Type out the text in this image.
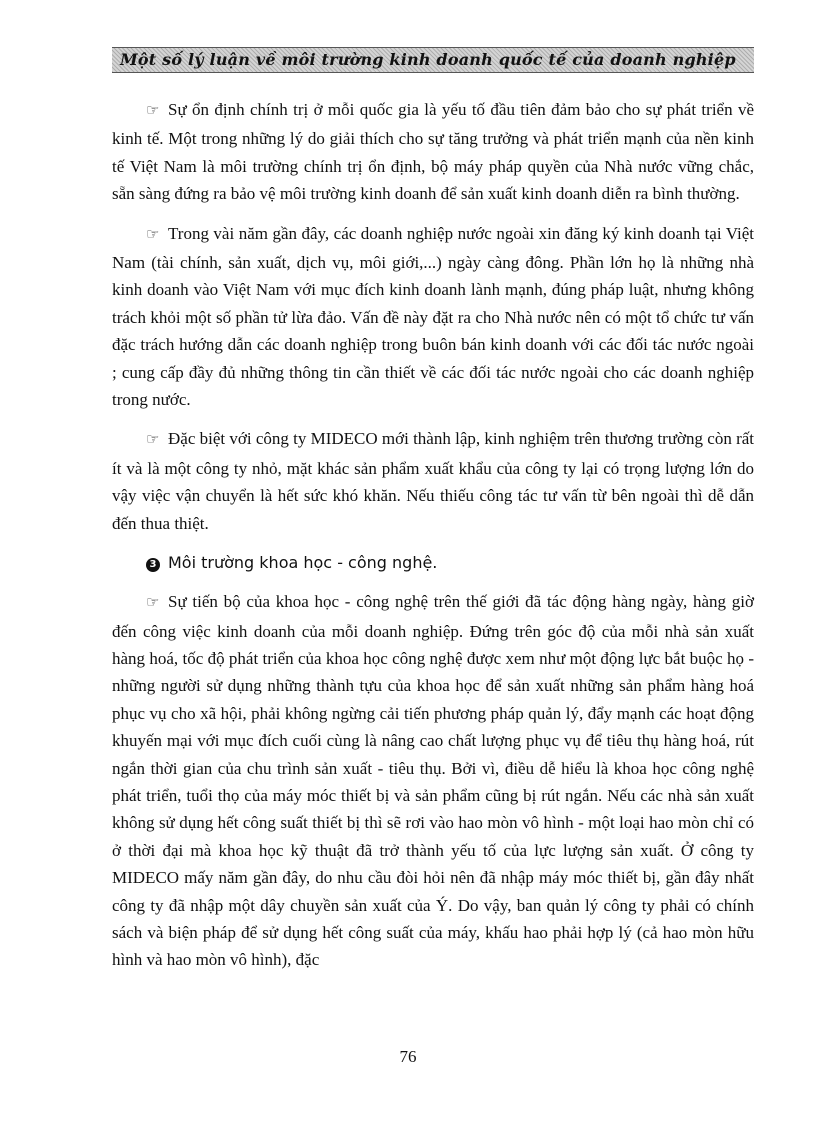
Một số lý luận về môi trường kinh doanh quốc tế của doanh nghiệp

☞ Sự ổn định chính trị ở mỗi quốc gia là yếu tố đầu tiên đảm bảo cho sự phát triển về kinh tế. Một trong những lý do giải thích cho sự tăng trưởng và phát triển mạnh của nền kinh tế Việt Nam là môi trường chính trị ổn định, bộ máy pháp quyền của Nhà nước vững chắc, sẵn sàng đứng ra bảo vệ môi trường kinh doanh để sản xuất kinh doanh diễn ra bình thường.

☞ Trong vài năm gần đây, các doanh nghiệp nước ngoài xin đăng ký kinh doanh tại Việt Nam (tài chính, sản xuất, dịch vụ, môi giới,...) ngày càng đông. Phần lớn họ là những nhà kinh doanh vào Việt Nam với mục đích kinh doanh lành mạnh, đúng pháp luật, nhưng không trách khỏi một số phần tử lừa đảo. Vấn đề này đặt ra cho Nhà nước nên có một tổ chức tư vấn đặc trách hướng dẫn các doanh nghiệp trong buôn bán kinh doanh với các đối tác nước ngoài ; cung cấp đầy đủ những thông tin cần thiết về các đối tác nước ngoài cho các doanh nghiệp trong nước.

☞ Đặc biệt với công ty MIDECO mới thành lập, kinh nghiệm trên thương trường còn rất ít và là một công ty nhỏ, mặt khác sản phẩm xuất khẩu của công ty lại có trọng lượng lớn do vậy việc vận chuyển là hết sức khó khăn. Nếu thiếu công tác tư vấn từ bên ngoài thì dễ dẫn đến thua thiệt.

3 Môi trường khoa học - công nghệ.

☞ Sự tiến bộ của khoa học - công nghệ trên thế giới đã tác động hàng ngày, hàng giờ đến công việc kinh doanh của mỗi doanh nghiệp. Đứng trên góc độ của mỗi nhà sản xuất hàng hoá, tốc độ phát triển của khoa học công nghệ được xem như một động lực bắt buộc họ - những người sử dụng những thành tựu của khoa học để sản xuất những sản phẩm hàng hoá phục vụ cho xã hội, phải không ngừng cải tiến phương pháp quản lý, đẩy mạnh các hoạt động khuyến mại với mục đích cuối cùng là nâng cao chất lượng phục vụ để tiêu thụ hàng hoá, rút ngắn thời gian của chu trình sản xuất - tiêu thụ. Bởi vì, điều dễ hiểu là khoa học công nghệ phát triển, tuổi thọ của máy móc thiết bị và sản phẩm cũng bị rút ngắn. Nếu các nhà sản xuất không sử dụng hết công suất thiết bị thì sẽ rơi vào hao mòn vô hình - một loại hao mòn chỉ có ở thời đại mà khoa học kỹ thuật đã trở thành yếu tố của lực lượng sản xuất. Ở công ty MIDECO mấy năm gần đây, do nhu cầu đòi hỏi nên đã nhập máy móc thiết bị, gần đây nhất công ty đã nhập một dây chuyền sản xuất của Ý. Do vậy, ban quản lý công ty phải có chính sách và biện pháp để sử dụng hết công suất của máy, khấu hao phải hợp lý (cả hao mòn hữu hình và hao mòn vô hình), đặc

76
